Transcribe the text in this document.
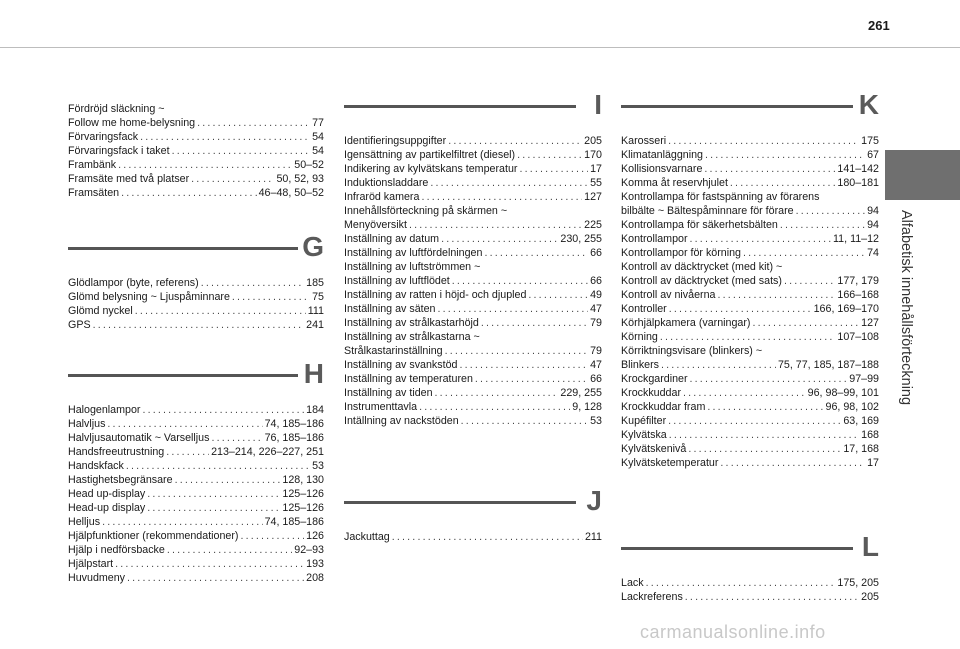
261
Alfabetisk innehållsförteckning
Fördröjd släckning ~
Follow me home-belysning . . .	77
Förvaringsfack . . .	54
Förvaringsfack i taket . . .	54
Frambänk . . .	50–52
Framsäte med två platser . . .	50, 52, 93
Framsäten . . .	46–48, 50–52
G
Glödlampor (byte, referens) . . .	185
Glömd belysning ~ Ljuspåminnare . . .	75
Glömd nyckel . . .	111
GPS . . .	241
H
Halogenlampor . . .	184
Halvljus . . .	74, 185–186
Halvljusautomatik ~ Varselljus . . .	76, 185–186
Handsfreeutrustning . . .	213–214, 226–227, 251
Handskfack . . .	53
Hastighetsbegränsare . . .	128, 130
Head up-display . . .	125–126
Head-up display . . .	125–126
Helljus . . .	74, 185–186
Hjälpfunktioner (rekommendationer) . . .	126
Hjälp i nedförsbacke . . .	92–93
Hjälpstart . . .	193
Huvudmeny . . .	208
I
Identifieringsuppgifter . . .	205
Igensättning av partikelfiltret (diesel) . . .	170
Indikering av kylvätskans temperatur . . .	17
Induktionsladdare . . .	55
Infraröd kamera . . .	127
Innehållsförteckning på skärmen ~
Menyöversikt . . .	225
Inställning av datum . . .	230, 255
Inställning av luftfördelningen . . .	66
Inställning av luftströmmen ~
Inställning av luftflödet . . .	66
Inställning av ratten i höjd- och djupled . . .	49
Inställning av säten . . .	47
Inställning av strålkastarhöjd . . .	79
Inställning av strålkastarna ~
Strålkastarinställning . . .	79
Inställning av svankstöd . . .	47
Inställning av temperaturen . . .	66
Inställning av tiden . . .	229, 255
Instrumenttavla . . .	9, 128
Intällning av nackstöden . . .	53
J
Jackuttag . . .	211
K
Karosseri . . .	175
Klimatanläggning . . .	67
Kollisionsvarnare . . .	141–142
Komma åt reservhjulet . . .	180–181
Kontrollampa för fastspänning av förarens
bilbälte ~ Bältespåminnare för förare . . .	94
Kontrollampa för säkerhetsbälten . . .	94
Kontrollampor . . .	11, 11–12
Kontrollampor för körning . . .	74
Kontroll av däcktrycket (med kit) ~
Kontroll av däcktrycket (med sats) . . .	177, 179
Kontroll av nivåerna . . .	166–168
Kontroller . . .	166, 169–170
Körhjälpkamera (varningar) . . .	127
Körning . . .	107–108
Körriktningsvisare (blinkers) ~
Blinkers . . .	75, 77, 185, 187–188
Krockgardiner . . .	97–99
Krockkuddar . . .	96, 98–99, 101
Krockkuddar fram . . .	96, 98, 102
Kupéfilter . . .	63, 169
Kylvätska . . .	168
Kylvätskenivå . . .	17, 168
Kylvätsketemperatur . . .	17
L
Lack . . .	175, 205
Lackreferens . . .	205
carmanualsonline.info
